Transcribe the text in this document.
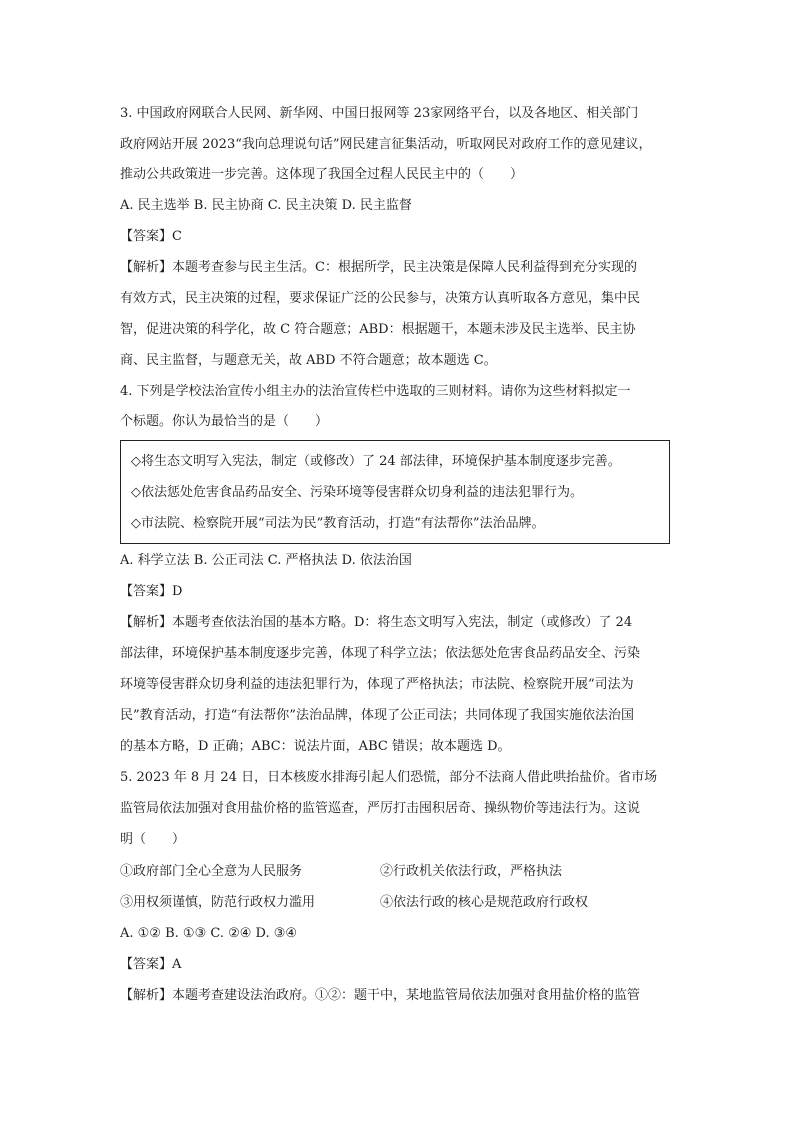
3. 中国政府网联合人民网、新华网、中国日报网等 23家网络平台，以及各地区、相关部门
政府网站开展 2023“我向总理说句话”网民建言征集活动，听取网民对政府工作的意见建议，
推动公共政策进一步完善。这体现了我国全过程人民民主中的（　　）
A. 民主选举 B. 民主协商 C. 民主决策 D. 民主监督
【答案】C
【解析】本题考查参与民主生活。C：根据所学，民主决策是保障人民利益得到充分实现的
有效方式，民主决策的过程，要求保证广泛的公民参与，决策方认真听取各方意见，集中民
智，促进决策的科学化，故 C 符合题意；ABD：根据题干，本题未涉及民主选举、民主协
商、民主监督，与题意无关，故 ABD 不符合题意；故本题选 C。
4. 下列是学校法治宣传小组主办的法治宣传栏中选取的三则材料。请你为这些材料拟定一
个标题。你认为最恰当的是（　　）
◇将生态文明写入宪法，制定（或修改）了 24 部法律，环境保护基本制度逐步完善。
◇依法惩处危害食品药品安全、污染环境等侵害群众切身利益的违法犯罪行为。
◇市法院、检察院开展“司法为民”教育活动，打造“有法帮你”法治品牌。
A. 科学立法 B. 公正司法 C. 严格执法 D. 依法治国
【答案】D
【解析】本题考查依法治国的基本方略。D：将生态文明写入宪法，制定（或修改）了 24
部法律，环境保护基本制度逐步完善，体现了科学立法；依法惩处危害食品药品安全、污染
环境等侵害群众切身利益的违法犯罪行为，体现了严格执法；市法院、检察院开展“司法为
民”教育活动，打造“有法帮你”法治品牌，体现了公正司法；共同体现了我国实施依法治国
的基本方略，D 正确；ABC：说法片面，ABC 错误；故本题选 D。
5. 2023 年 8 月 24 日，日本核废水排海引起人们恐慌，部分不法商人借此哄抬盐价。省市场
监管局依法加强对食用盐价格的监管巡查，严厉打击囤积居奇、操纵物价等违法行为。这说
明（　　）
①政府部门全心全意为人民服务	②行政机关依法行政，严格执法
③用权须谨慎，防范行政权力滥用	④依法行政的核心是规范政府行政权
A. ①② B. ①③ C. ②④ D. ③④
【答案】A
【解析】本题考查建设法治政府。①②：题干中，某地监管局依法加强对食用盐价格的监管
